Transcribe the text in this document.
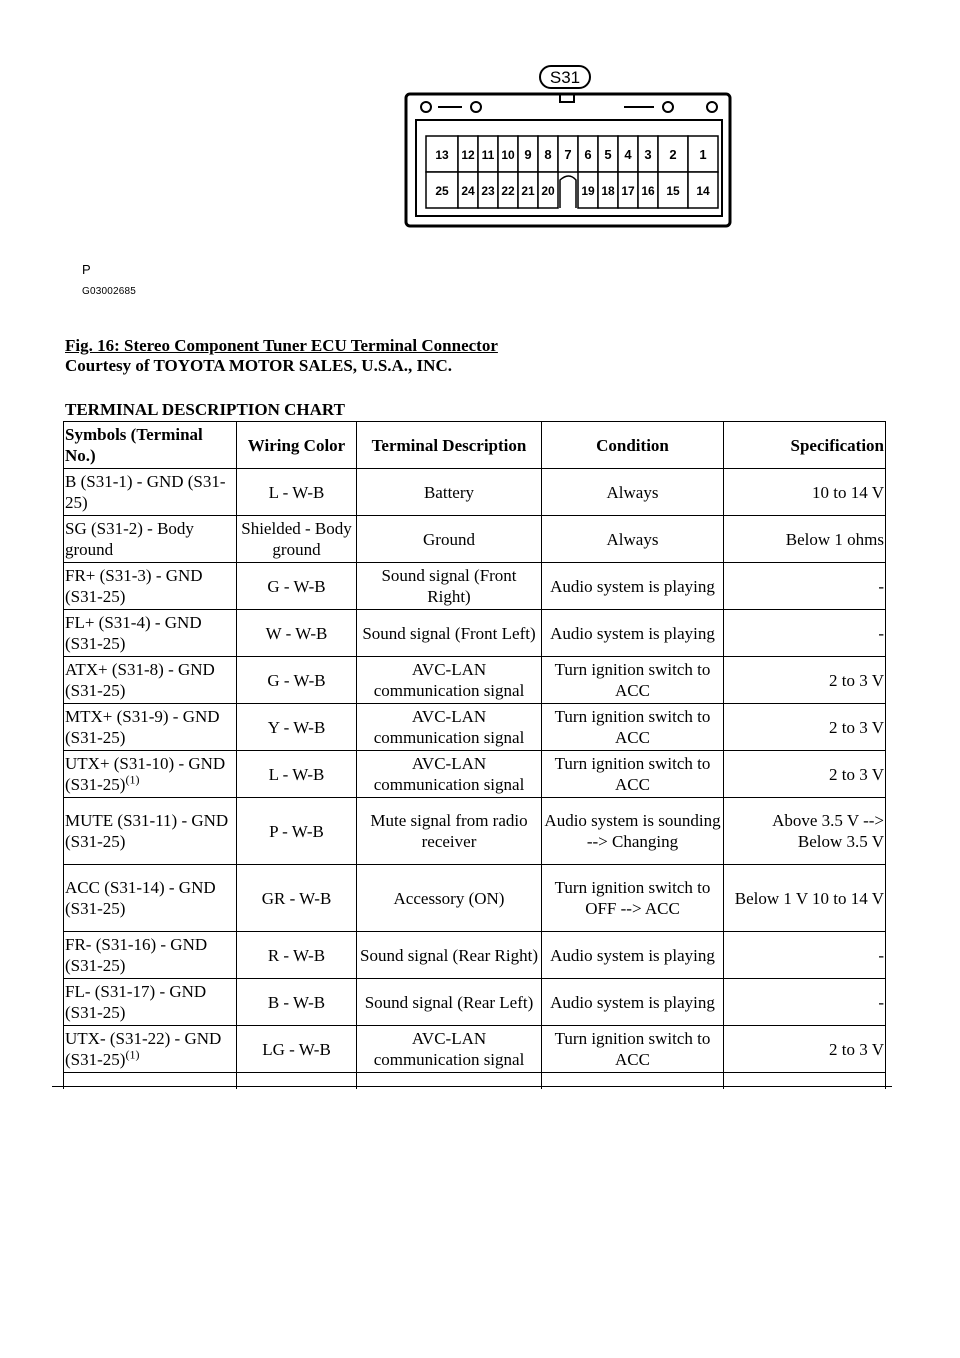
S31
13 12 11 10 9 8 7 6 5 4 3 2 1
25 24 23 22 21 20 19 18 17 16 15 14
P
G03002685
Fig. 16: Stereo Component Tuner ECU Terminal Connector
Courtesy of TOYOTA MOTOR SALES, U.S.A., INC.
TERMINAL DESCRIPTION CHART
Symbols (Terminal No.)	Wiring Color	Terminal Description	Condition	Specification
B (S31-1) - GND (S31-25)	L - W-B	Battery	Always	10 to 14 V
SG (S31-2) - Body ground	Shielded - Body ground	Ground	Always	Below 1 ohms
FR+ (S31-3) - GND (S31-25)	G - W-B	Sound signal (Front Right)	Audio system is playing	-
FL+ (S31-4) - GND (S31-25)	W - W-B	Sound signal (Front Left)	Audio system is playing	-
ATX+ (S31-8) - GND (S31-25)	G - W-B	AVC-LAN communication signal	Turn ignition switch to ACC	2 to 3 V
MTX+ (S31-9) - GND (S31-25)	Y - W-B	AVC-LAN communication signal	Turn ignition switch to ACC	2 to 3 V
UTX+ (S31-10) - GND $(S31-25)^{(1)}$	L - W-B	AVC-LAN communication signal	Turn ignition switch to ACC	2 to 3 V
MUTE (S31-11) - GND (S31-25)	P - W-B	Mute signal from radio receiver	Audio system is sounding --> Changing	Above 3.5 V --> Below 3.5 V
ACC (S31-14) - GND (S31-25)	GR - W-B	Accessory (ON)	Turn ignition switch to OFF --> ACC	Below 1 V 10 to 14 V
FR- (S31-16) - GND (S31-25)	R - W-B	Sound signal (Rear Right)	Audio system is playing	-
FL- (S31-17) - GND (S31-25)	B - W-B	Sound signal (Rear Left)	Audio system is playing	-
UTX- (S31-22) - GND $(S31-25)^{(1)}$	LG - W-B	AVC-LAN communication signal	Turn ignition switch to ACC	2 to 3 V
